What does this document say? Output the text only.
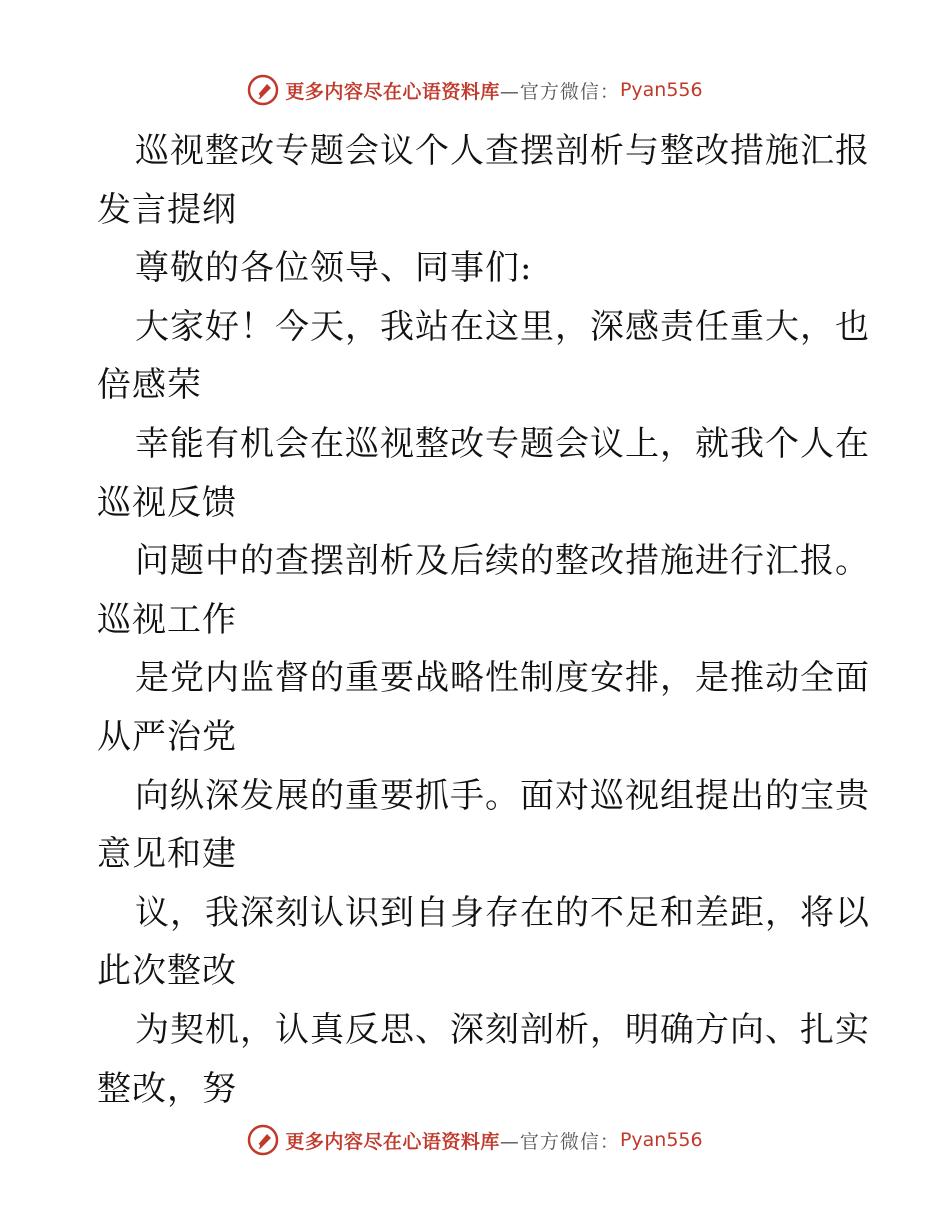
更多内容尽在心语资料库 —官方微信： Pyan556
巡视整改专题会议个人查摆剖析与整改措施汇报
发言提纲
尊敬的各位领导、同事们:
大家好！今天，我站在这里，深感责任重大，也
倍感荣
幸能有机会在巡视整改专题会议上，就我个人在
巡视反馈
问题中的查摆剖析及后续的整改措施进行汇报。
巡视工作
是党内监督的重要战略性制度安排，是推动全面
从严治党
向纵深发展的重要抓手。面对巡视组提出的宝贵
意见和建
议，我深刻认识到自身存在的不足和差距，将以
此次整改
为契机，认真反思、深刻剖析，明确方向、扎实
整改，努
更多内容尽在心语资料库 —官方微信： Pyan556
